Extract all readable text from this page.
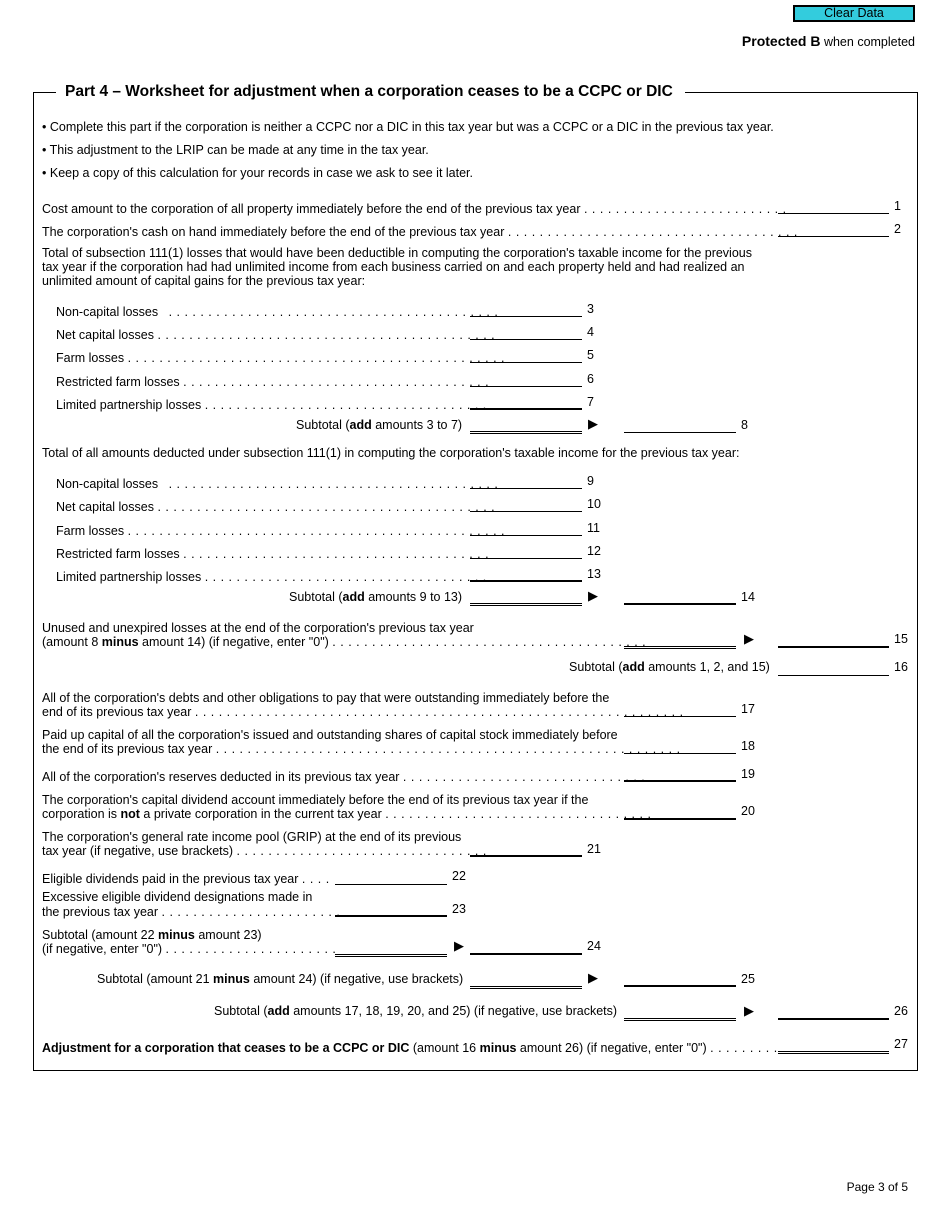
Clear Data
Protected B when completed
Part 4 – Worksheet for adjustment when a corporation ceases to be a CCPC or DIC
• Complete this part if the corporation is neither a CCPC nor a DIC in this tax year but was a CCPC or a DIC in the previous tax year.
• This adjustment to the LRIP can be made at any time in the tax year.
• Keep a copy of this calculation for your records in case we ask to see it later.
Cost amount to the corporation of all property immediately before the end of the previous tax year . . . . . . . . . . . . . . . . . . . . . . . . . .	1
The corporation's cash on hand immediately before the end of the previous tax year . . . . . . . . . . . . . . . . . . . . . . . . . . . . . . . . . . . . .	2
Total of subsection 111(1) losses that would have been deductible in computing the corporation's taxable income for the previous
tax year if the corporation had had unlimited income from each business carried on and each property held and had realized an
unlimited amount of capital gains for the previous tax year:
Non-capital losses . . . . . . . . . . . . . . . . . . . . . . . . . . . . . . . . . . . . . . . . . .	3
Net capital losses . . . . . . . . . . . . . . . . . . . . . . . . . . . . . . . . . . . . . . . . . . .	4
Farm losses . . . . . . . . . . . . . . . . . . . . . . . . . . . . . . . . . . . . . . . . . . . . . . . .	5
Restricted farm losses . . . . . . . . . . . . . . . . . . . . . . . . . . . . . . . . . . . . . . .	6
Limited partnership losses . . . . . . . . . . . . . . . . . . . . . . . . . . . . . . . . . . . .	7
Subtotal (add amounts 3 to 7)	▶	8
Total of all amounts deducted under subsection 111(1) in computing the corporation's taxable income for the previous tax year:
Non-capital losses . . . . . . . . . . . . . . . . . . . . . . . . . . . . . . . . . . . . . . . . . .	9
Net capital losses . . . . . . . . . . . . . . . . . . . . . . . . . . . . . . . . . . . . . . . . . . .	10
Farm losses . . . . . . . . . . . . . . . . . . . . . . . . . . . . . . . . . . . . . . . . . . . . . . . .	11
Restricted farm losses . . . . . . . . . . . . . . . . . . . . . . . . . . . . . . . . . . . . . . .	12
Limited partnership losses . . . . . . . . . . . . . . . . . . . . . . . . . . . . . . . . . . . .	13
Subtotal (add amounts 9 to 13)	▶	14
Unused and unexpired losses at the end of the corporation's previous tax year
(amount 8 minus amount 14) (if negative, enter "0") . . . . . . . . . . . . . . . . . . . . . . . . . . . . . . . . . . . . . . . .	▶	15
Subtotal (add amounts 1, 2, and 15)	16
All of the corporation's debts and other obligations to pay that were outstanding immediately before the
end of its previous tax year . . . . . . . . . . . . . . . . . . . . . . . . . . . . . . . . . . . . . . . . . . . . . . . . . . . . . . . . . . . . . .	17
Paid up capital of all the corporation's issued and outstanding shares of capital stock immediately before
the end of its previous tax year . . . . . . . . . . . . . . . . . . . . . . . . . . . . . . . . . . . . . . . . . . . . . . . . . . . . . . . . . . .	18
All of the corporation's reserves deducted in its previous tax year . . . . . . . . . . . . . . . . . . . . . . . . . . . . . . .	19
The corporation's capital dividend account immediately before the end of its previous tax year if the
corporation is not a private corporation in the current tax year . . . . . . . . . . . . . . . . . . . . . . . . . . . . . . . . . .	20
The corporation's general rate income pool (GRIP) at the end of its previous
tax year (if negative, use brackets) . . . . . . . . . . . . . . . . . . . . . . . . . . . . . . . .	21
Eligible dividends paid in the previous tax year . . . .	22
Excessive eligible dividend designations made in
the previous tax year . . . . . . . . . . . . . . . . . . . . . . .	23
Subtotal (amount 22 minus amount 23)
(if negative, enter "0") . . . . . . . . . . . . . . . . . . . . . .	▶	24
Subtotal (amount 21 minus amount 24) (if negative, use brackets)	▶	25
Subtotal (add amounts 17, 18, 19, 20, and 25) (if negative, use brackets)	▶	26
Adjustment for a corporation that ceases to be a CCPC or DIC (amount 16 minus amount 26) (if negative, enter "0") . . . . . . . . .	27
Page 3 of 5
